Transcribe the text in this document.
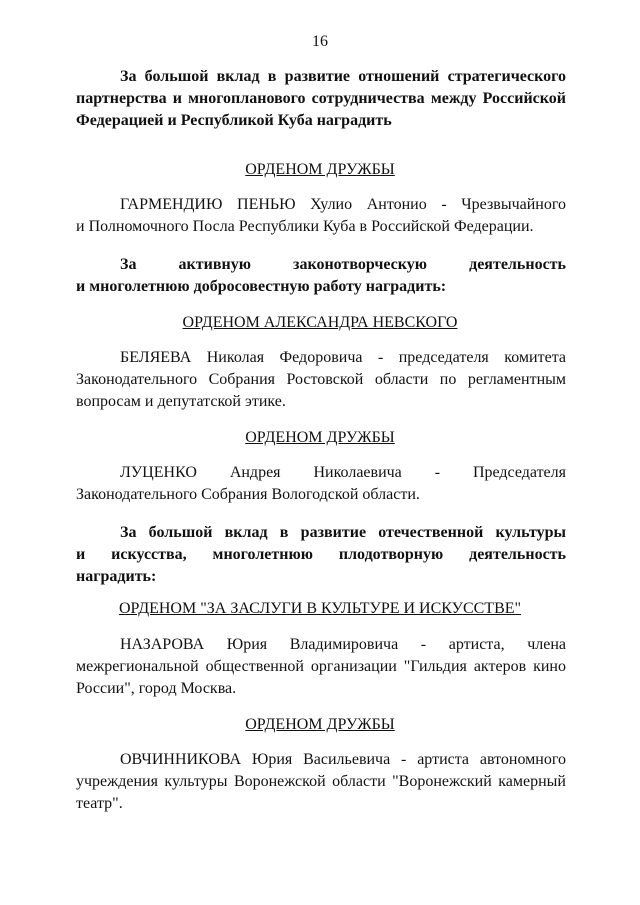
16
За большой вклад в развитие отношений стратегического
партнерства и многопланового сотрудничества между Российской
Федерацией и Республикой Куба наградить
ОРДЕНОМ ДРУЖБЫ
ГАРМЕНДИЮ ПЕНЬЮ Хулио Антонио - Чрезвычайного
и Полномочного Посла Республики Куба в Российской Федерации.
За активную законотворческую деятельность
и многолетнюю добросовестную работу наградить:
ОРДЕНОМ АЛЕКСАНДРА НЕВСКОГО
БЕЛЯЕВА Николая Федоровича - председателя комитета
Законодательного Собрания Ростовской области по регламентным
вопросам и депутатской этике.
ОРДЕНОМ ДРУЖБЫ
ЛУЦЕНКО Андрея Николаевича - Председателя
Законодательного Собрания Вологодской области.
За большой вклад в развитие отечественной культуры
и искусства, многолетнюю плодотворную деятельность
наградить:
ОРДЕНОМ "ЗА ЗАСЛУГИ В КУЛЬТУРЕ И ИСКУССТВЕ"
НАЗАРОВА Юрия Владимировича - артиста, члена
межрегиональной общественной организации "Гильдия актеров кино
России", город Москва.
ОРДЕНОМ ДРУЖБЫ
ОВЧИННИКОВА Юрия Васильевича - артиста автономного
учреждения культуры Воронежской области "Воронежский камерный
театр".
